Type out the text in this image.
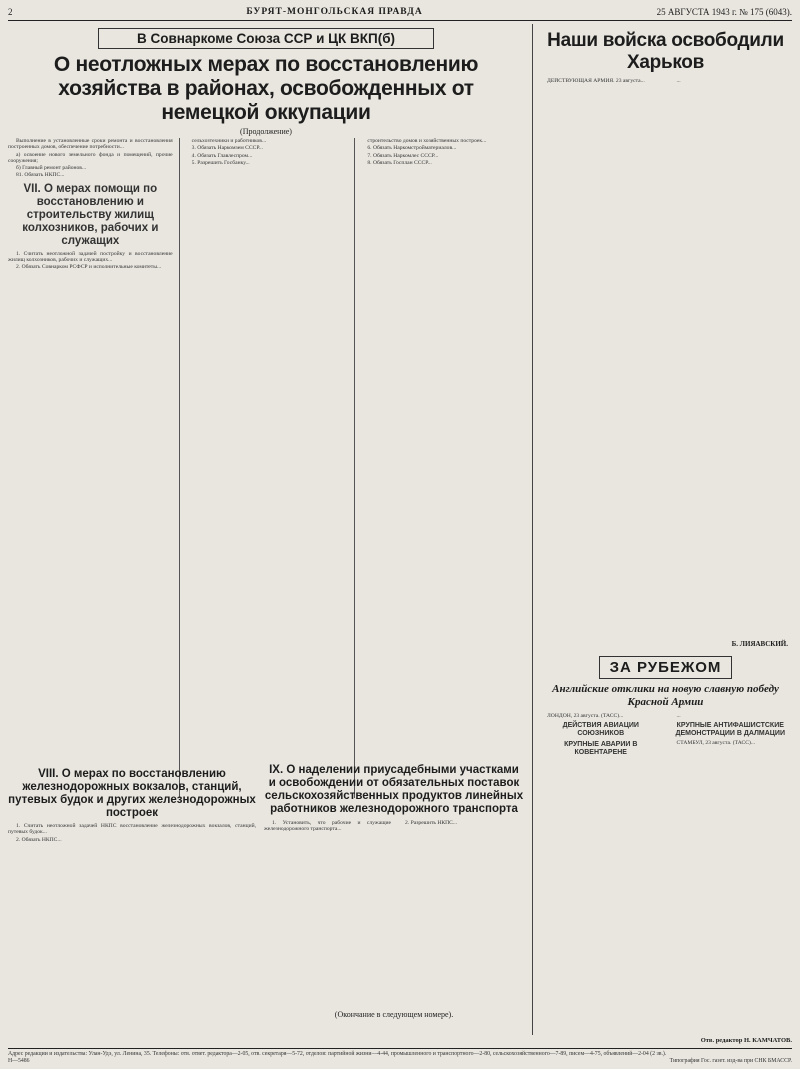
2	БУРЯТ-МОНГОЛЬСКАЯ ПРАВДА	25 АВГУСТА 1943 г. № 175 (6043).
В Совнаркоме Союза ССР и ЦК ВКП(б)
О неотложных мерах по восстановлению хозяйства в районах, освобожденных от немецкой оккупации
(Продолжение)

Выполнение в установленные сроки ремонта и восстановления построенных домов, обеспечение потребности...

а) освоение нового земельного фонда и помещений, прочие сооружения;

б) Главный ремонт районов...

81. Обязать НКПС...

VII. О мерах помощи по восстановлению и строительству жилищ колхозников, рабочих и служащих

1. Считать неотложной задачей постройку и восстановление жилищ колхозников, рабочих и служащих...

2. Обязать Совнарком РСФСР и исполнительные комитеты...

сельхозтехники и работников...

3. Обязать Наркомзем СССР...

4. Обязать Главлеспром...

5. Разрешить Госбанку...

строительство домов и хозяйственных построек...

6. Обязать Наркомстройматериалов...

7. Обязать Наркомлес СССР...

8. Обязать Госплан СССР...

VIII. О мерах по восстановлению железнодорожных вокзалов, станций, путевых будок и других железнодорожных построек

1. Считать неотложной задачей НКПС восстановление железнодорожных вокзалов, станций, путевых будок...

2. Обязать НКПС...

IX. О наделении приусадебными участками и освобождении от обязательных поставок сельскохозяйственных продуктов линейных работников железнодорожного транспорта

1. Установить, что рабочие и служащие железнодорожного транспорта...

2. Разрешить НКПС...

(Окончание в следующем номере).
Наши войска освободили Харьков

ДЕЙСТВУЮЩАЯ АРМИЯ. 23 августа...	...

Б. ЛИЯАВСКИЙ.
ЗА РУБЕЖОМ
Английские отклики на новую славную победу Красной Армии

ЛОНДОН, 23 августа. (ТАСС)...

ДЕЙСТВИЯ АВИАЦИИ СОЮЗНИКОВ
КРУПНЫЕ АВАРИИ В КОВЕНТАРЕНЕ

...

КРУПНЫЕ АНТИФАШИСТСКИЕ ДЕМОНСТРАЦИИ В ДАЛМАЦИИ

СТАМБУЛ, 23 августа. (ТАСС)...

Отв. редактор Н. КАМЧАТОВ.
Адрес редакции и издательства: Улан-Удэ, ул. Ленина, 35. Телефоны: отв. ответ. редактора—2-05, отв. секретаря—5-72, отделов: партийной жизни—4-44, промышленного и транспортного—2-80, сельскохозяйственного—7-89, писем—4-75, объявлений—2-04 (2 зв.).
Н—5486	Типография Гос. газет. изд-ва при СНК БМАССР.
